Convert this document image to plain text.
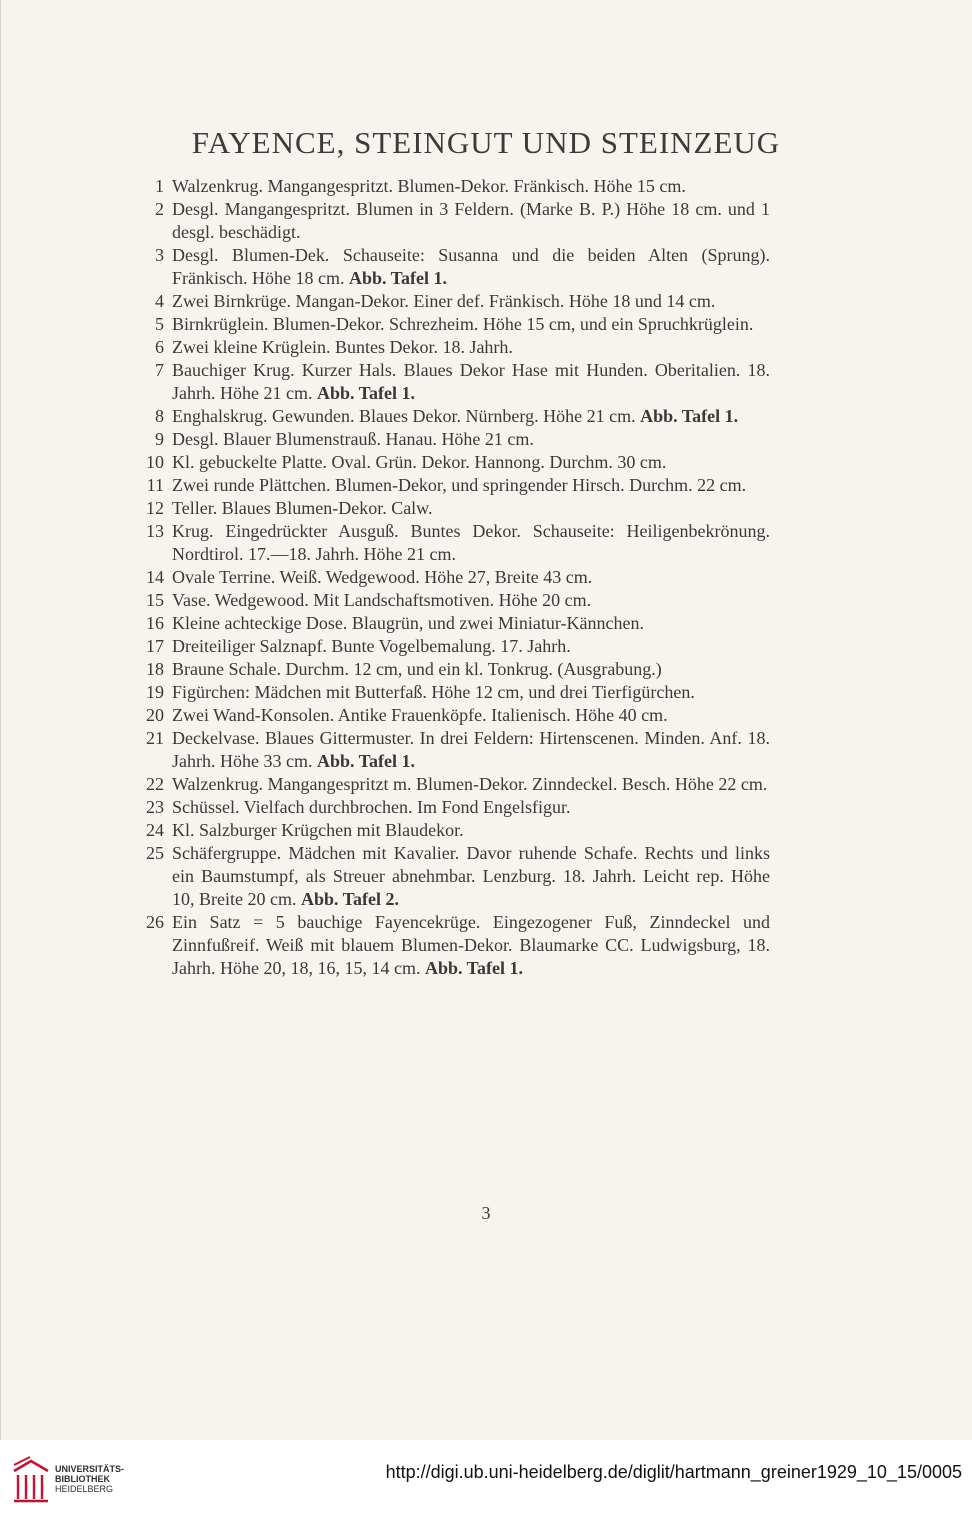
FAYENCE, STEINGUT UND STEINZEUG
1 Walzenkrug. Mangangespritzt. Blumen-Dekor. Fränkisch. Höhe 15 cm.
2 Desgl. Mangangespritzt. Blumen in 3 Feldern. (Marke B. P.) Höhe 18 cm. und 1 desgl. beschädigt.
3 Desgl. Blumen-Dek. Schauseite: Susanna und die beiden Alten (Sprung). Fränkisch. Höhe 18 cm. Abb. Tafel 1.
4 Zwei Birnkrüge. Mangan-Dekor. Einer def. Fränkisch. Höhe 18 und 14 cm.
5 Birnkrüglein. Blumen-Dekor. Schrezheim. Höhe 15 cm, und ein Spruchkrüglein.
6 Zwei kleine Krüglein. Buntes Dekor. 18. Jahrh.
7 Bauchiger Krug. Kurzer Hals. Blaues Dekor Hase mit Hunden. Oberitalien. 18. Jahrh. Höhe 21 cm. Abb. Tafel 1.
8 Enghalskrug. Gewunden. Blaues Dekor. Nürnberg. Höhe 21 cm. Abb. Tafel 1.
9 Desgl. Blauer Blumenstrauß. Hanau. Höhe 21 cm.
10 Kl. gebuckelte Platte. Oval. Grün. Dekor. Hannong. Durchm. 30 cm.
11 Zwei runde Plättchen. Blumen-Dekor, und springender Hirsch. Durchm. 22 cm.
12 Teller. Blaues Blumen-Dekor. Calw.
13 Krug. Eingedrückter Ausguß. Buntes Dekor. Schauseite: Heiligenbekrönung. Nordtirol. 17.—18. Jahrh. Höhe 21 cm.
14 Ovale Terrine. Weiß. Wedgewood. Höhe 27, Breite 43 cm.
15 Vase. Wedgewood. Mit Landschaftsmotiven. Höhe 20 cm.
16 Kleine achteckige Dose. Blaugrün, und zwei Miniatur-Kännchen.
17 Dreiteiliger Salznapf. Bunte Vogelbemalung. 17. Jahrh.
18 Braune Schale. Durchm. 12 cm, und ein kl. Tonkrug. (Ausgrabung.)
19 Figürchen: Mädchen mit Butterfaß. Höhe 12 cm, und drei Tierfigürchen.
20 Zwei Wand-Konsolen. Antike Frauenköpfe. Italienisch. Höhe 40 cm.
21 Deckelvase. Blaues Gittermuster. In drei Feldern: Hirtenscenen. Minden. Anf. 18. Jahrh. Höhe 33 cm. Abb. Tafel 1.
22 Walzenkrug. Mangangespritzt m. Blumen-Dekor. Zinndeckel. Besch. Höhe 22 cm.
23 Schüssel. Vielfach durchbrochen. Im Fond Engelsfigur.
24 Kl. Salzburger Krügchen mit Blaudekor.
25 Schäfergruppe. Mädchen mit Kavalier. Davor ruhende Schafe. Rechts und links ein Baumstumpf, als Streuer abnehmbar. Lenzburg. 18. Jahrh. Leicht rep. Höhe 10, Breite 20 cm. Abb. Tafel 2.
26 Ein Satz = 5 bauchige Fayencekrüge. Eingezogener Fuß, Zinndeckel und Zinnfußreif. Weiß mit blauem Blumen-Dekor. Blaumarke CC. Ludwigsburg, 18. Jahrh. Höhe 20, 18, 16, 15, 14 cm. Abb. Tafel 1.
3
UNIVERSITÄTS-
BIBLIOTHEK
HEIDELBERG
http://digi.ub.uni-heidelberg.de/diglit/hartmann_greiner1929_10_15/0005
